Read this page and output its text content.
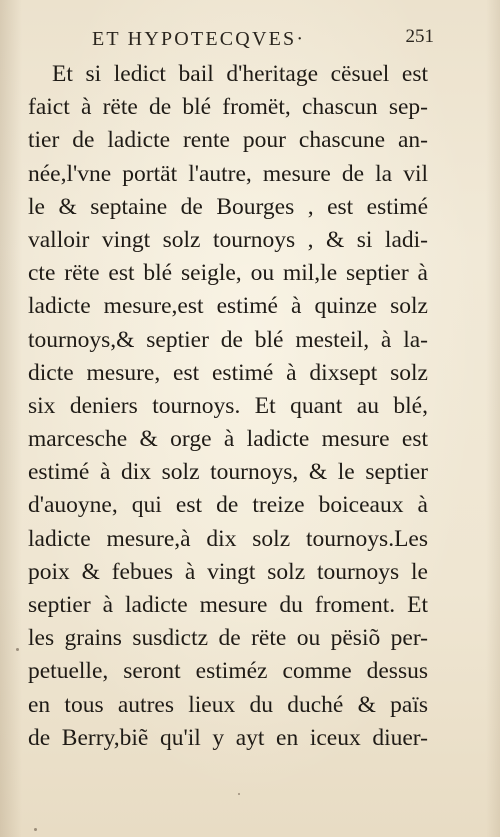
ET HYPOTECQVES·	251
Et si ledict bail d'heritage cësuel est
faict à rëte de blé fromët, chascun sep-
tier de ladicte rente pour chascune an-
née,l'vne portät l'autre, mesure de la vil
le & septaine de Bourges , est estimé
valloir vingt solz tournoys , & si ladi-
cte rëte est blé seigle, ou mil,le septier à
ladicte mesure,est estimé à quinze solz
tournoys,& septier de blé mesteil, à la-
dicte mesure, est estimé à dixsept solz
six deniers tournoys. Et quant au blé,
marcesche & orge à ladicte mesure est
estimé à dix solz tournoys, & le septier
d'auoyne, qui est de treize boiceaux à
ladicte mesure,à dix solz tournoys.Les
poix & febues à vingt solz tournoys le
septier à ladicte mesure du froment. Et
les grains susdictz de rëte ou pësiõ per-
petuelle, seront estiméz comme dessus
en tous autres lieux du duché & païs
de Berry,biẽ qu'il y ayt en iceux diuer-
